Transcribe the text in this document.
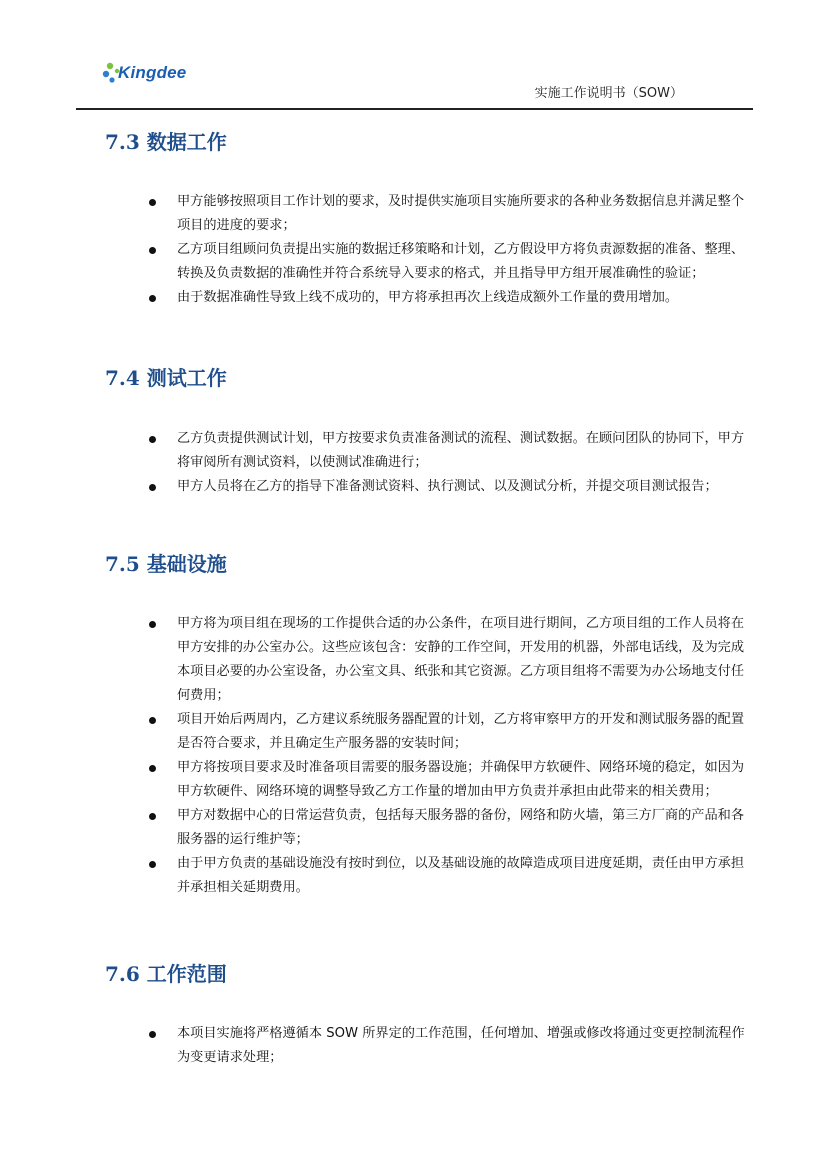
Kingdee
实施工作说明书（SOW）
7.3 数据工作
甲方能够按照项目工作计划的要求，及时提供实施项目实施所要求的各种业务数据信息并满足整个项目的进度的要求；
乙方项目组顾问负责提出实施的数据迁移策略和计划，乙方假设甲方将负责源数据的准备、整理、转换及负责数据的准确性并符合系统导入要求的格式，并且指导甲方组开展准确性的验证；
由于数据准确性导致上线不成功的，甲方将承担再次上线造成额外工作量的费用增加。
7.4 测试工作
乙方负责提供测试计划，甲方按要求负责准备测试的流程、测试数据。在顾问团队的协同下，甲方将审阅所有测试资料，以使测试准确进行；
甲方人员将在乙方的指导下准备测试资料、执行测试、以及测试分析，并提交项目测试报告；
7.5 基础设施
甲方将为项目组在现场的工作提供合适的办公条件，在项目进行期间，乙方项目组的工作人员将在甲方安排的办公室办公。这些应该包含：安静的工作空间，开发用的机器，外部电话线，及为完成本项目必要的办公室设备，办公室文具、纸张和其它资源。乙方项目组将不需要为办公场地支付任何费用；
项目开始后两周内，乙方建议系统服务器配置的计划，乙方将审察甲方的开发和测试服务器的配置是否符合要求，并且确定生产服务器的安装时间；
甲方将按项目要求及时准备项目需要的服务器设施；并确保甲方软硬件、网络环境的稳定，如因为甲方软硬件、网络环境的调整导致乙方工作量的增加由甲方负责并承担由此带来的相关费用；
甲方对数据中心的日常运营负责，包括每天服务器的备份，网络和防火墙，第三方厂商的产品和各服务器的运行维护等；
由于甲方负责的基础设施没有按时到位，以及基础设施的故障造成项目进度延期，责任由甲方承担并承担相关延期费用。
7.6 工作范围
本项目实施将严格遵循本 SOW 所界定的工作范围，任何增加、增强或修改将通过变更控制流程作为变更请求处理；
